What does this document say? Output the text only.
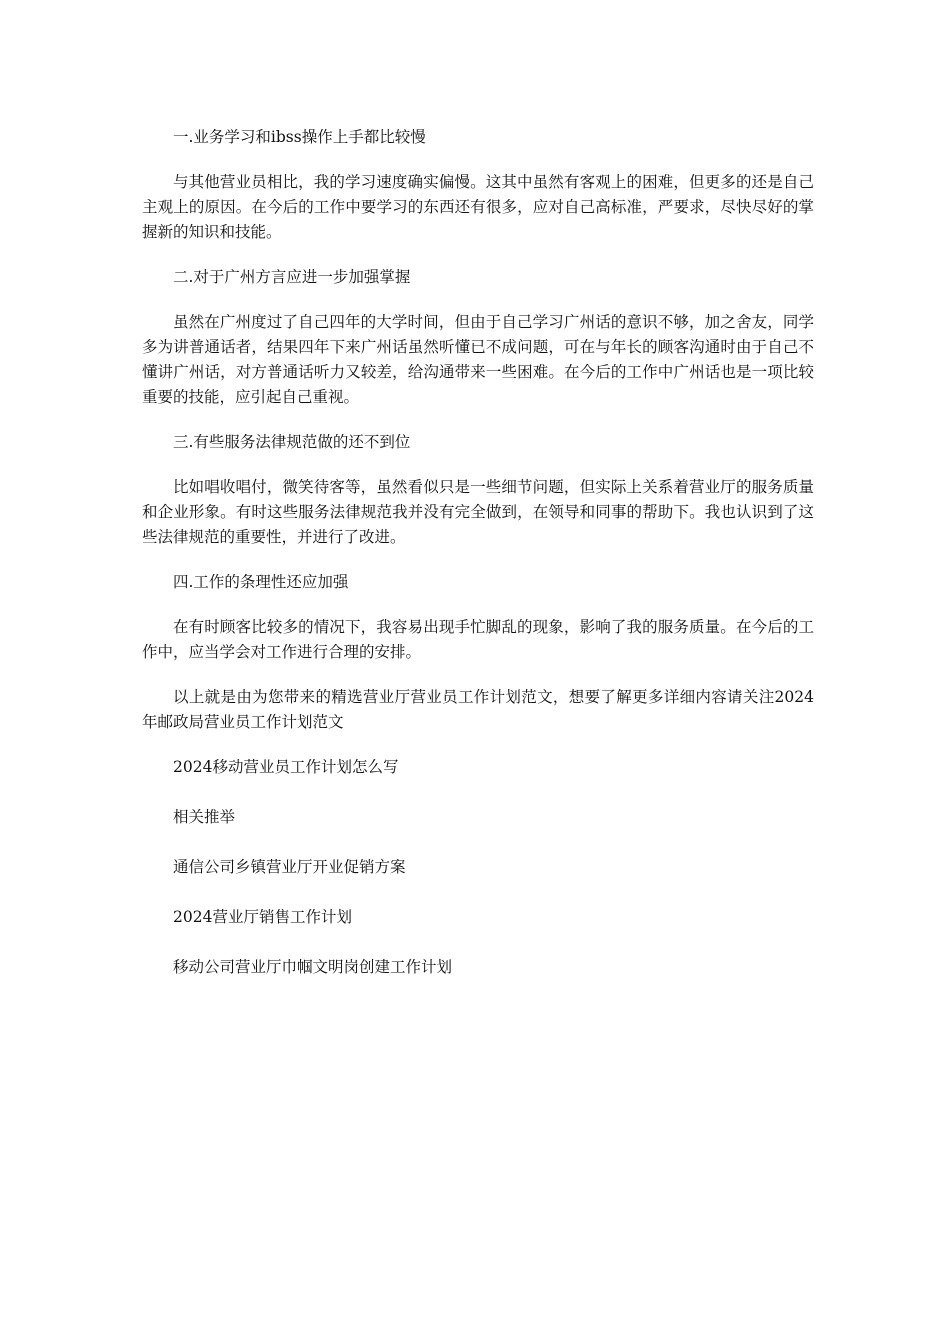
一.业务学习和ibss操作上手都比较慢

与其他营业员相比，我的学习速度确实偏慢。这其中虽然有客观上的困难，但更多的还是自己主观上的原因。在今后的工作中要学习的东西还有很多，应对自己高标准，严要求，尽快尽好的掌握新的知识和技能。

二.对于广州方言应进一步加强掌握

虽然在广州度过了自己四年的大学时间，但由于自己学习广州话的意识不够，加之舍友，同学多为讲普通话者，结果四年下来广州话虽然听懂已不成问题，可在与年长的顾客沟通时由于自己不懂讲广州话，对方普通话听力又较差，给沟通带来一些困难。在今后的工作中广州话也是一项比较重要的技能，应引起自己重视。

三.有些服务法律规范做的还不到位

比如唱收唱付，微笑待客等，虽然看似只是一些细节问题，但实际上关系着营业厅的服务质量和企业形象。有时这些服务法律规范我并没有完全做到，在领导和同事的帮助下。我也认识到了这些法律规范的重要性，并进行了改进。

四.工作的条理性还应加强

在有时顾客比较多的情况下，我容易出现手忙脚乱的现象，影响了我的服务质量。在今后的工作中，应当学会对工作进行合理的安排。

以上就是由为您带来的精选营业厅营业员工作计划范文，想要了解更多详细内容请关注2024年邮政局营业员工作计划范文

2024移动营业员工作计划怎么写

相关推举

通信公司乡镇营业厅开业促销方案

2024营业厅销售工作计划

移动公司营业厅巾帼文明岗创建工作计划
